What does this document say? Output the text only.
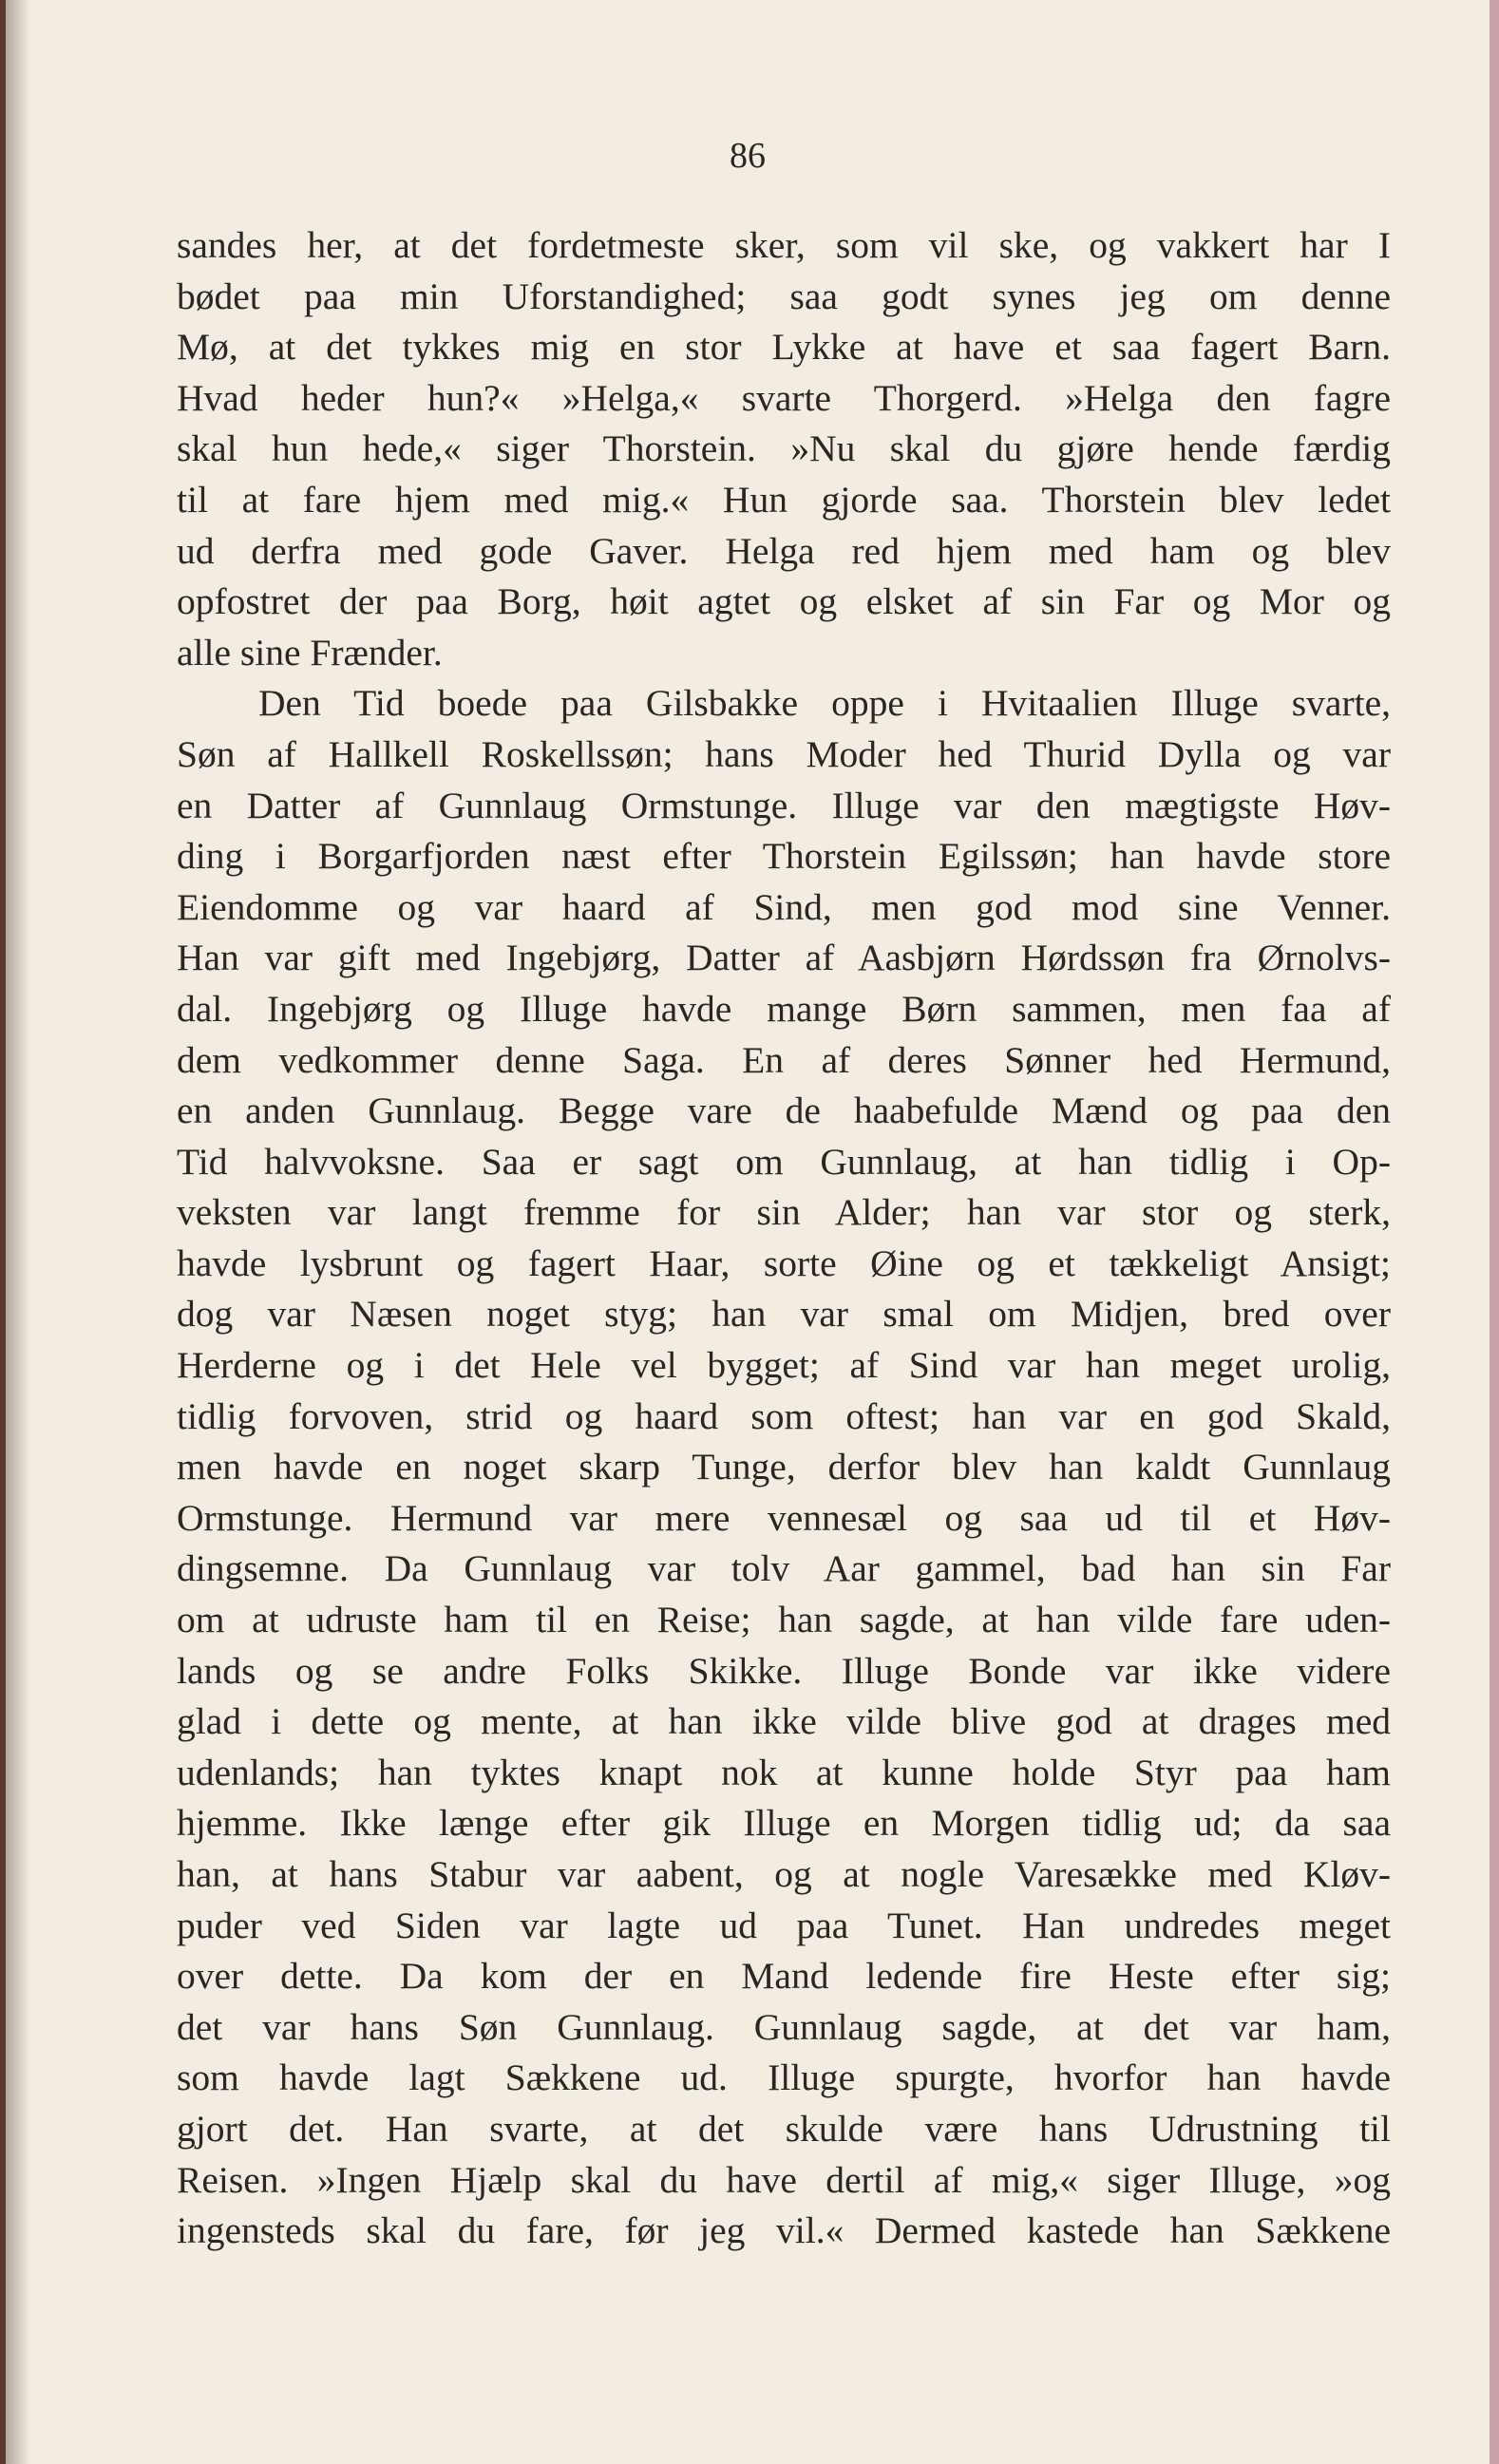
86
sandes her, at det fordetmeste sker, som vil ske, og vakkert har I
bødet paa min Uforstandighed; saa godt synes jeg om denne
Mø, at det tykkes mig en stor Lykke at have et saa fagert Barn.
Hvad heder hun?« »Helga,« svarte Thorgerd. »Helga den fagre
skal hun hede,« siger Thorstein. »Nu skal du gjøre hende færdig
til at fare hjem med mig.« Hun gjorde saa. Thorstein blev ledet
ud derfra med gode Gaver. Helga red hjem med ham og blev
opfostret der paa Borg, høit agtet og elsket af sin Far og Mor og
alle sine Frænder.
Den Tid boede paa Gilsbakke oppe i Hvitaalien Illuge svarte,
Søn af Hallkell Roskellssøn; hans Moder hed Thurid Dylla og var
en Datter af Gunnlaug Ormstunge. Illuge var den mægtigste Høv-
ding i Borgarfjorden næst efter Thorstein Egilssøn; han havde store
Eiendomme og var haard af Sind, men god mod sine Venner.
Han var gift med Ingebjørg, Datter af Aasbjørn Hørdssøn fra Ørnolvs-
dal. Ingebjørg og Illuge havde mange Børn sammen, men faa af
dem vedkommer denne Saga. En af deres Sønner hed Hermund,
en anden Gunnlaug. Begge vare de haabefulde Mænd og paa den
Tid halvvoksne. Saa er sagt om Gunnlaug, at han tidlig i Op-
veksten var langt fremme for sin Alder; han var stor og sterk,
havde lysbrunt og fagert Haar, sorte Øine og et tækkeligt Ansigt;
dog var Næsen noget styg; han var smal om Midjen, bred over
Herderne og i det Hele vel bygget; af Sind var han meget urolig,
tidlig forvoven, strid og haard som oftest; han var en god Skald,
men havde en noget skarp Tunge, derfor blev han kaldt Gunnlaug
Ormstunge. Hermund var mere vennesæl og saa ud til et Høv-
dingsemne. Da Gunnlaug var tolv Aar gammel, bad han sin Far
om at udruste ham til en Reise; han sagde, at han vilde fare uden-
lands og se andre Folks Skikke. Illuge Bonde var ikke videre
glad i dette og mente, at han ikke vilde blive god at drages med
udenlands; han tyktes knapt nok at kunne holde Styr paa ham
hjemme. Ikke længe efter gik Illuge en Morgen tidlig ud; da saa
han, at hans Stabur var aabent, og at nogle Varesække med Kløv-
puder ved Siden var lagte ud paa Tunet. Han undredes meget
over dette. Da kom der en Mand ledende fire Heste efter sig;
det var hans Søn Gunnlaug. Gunnlaug sagde, at det var ham,
som havde lagt Sækkene ud. Illuge spurgte, hvorfor han havde
gjort det. Han svarte, at det skulde være hans Udrustning til
Reisen. »Ingen Hjælp skal du have dertil af mig,« siger Illuge, »og
ingensteds skal du fare, før jeg vil.« Dermed kastede han Sækkene
